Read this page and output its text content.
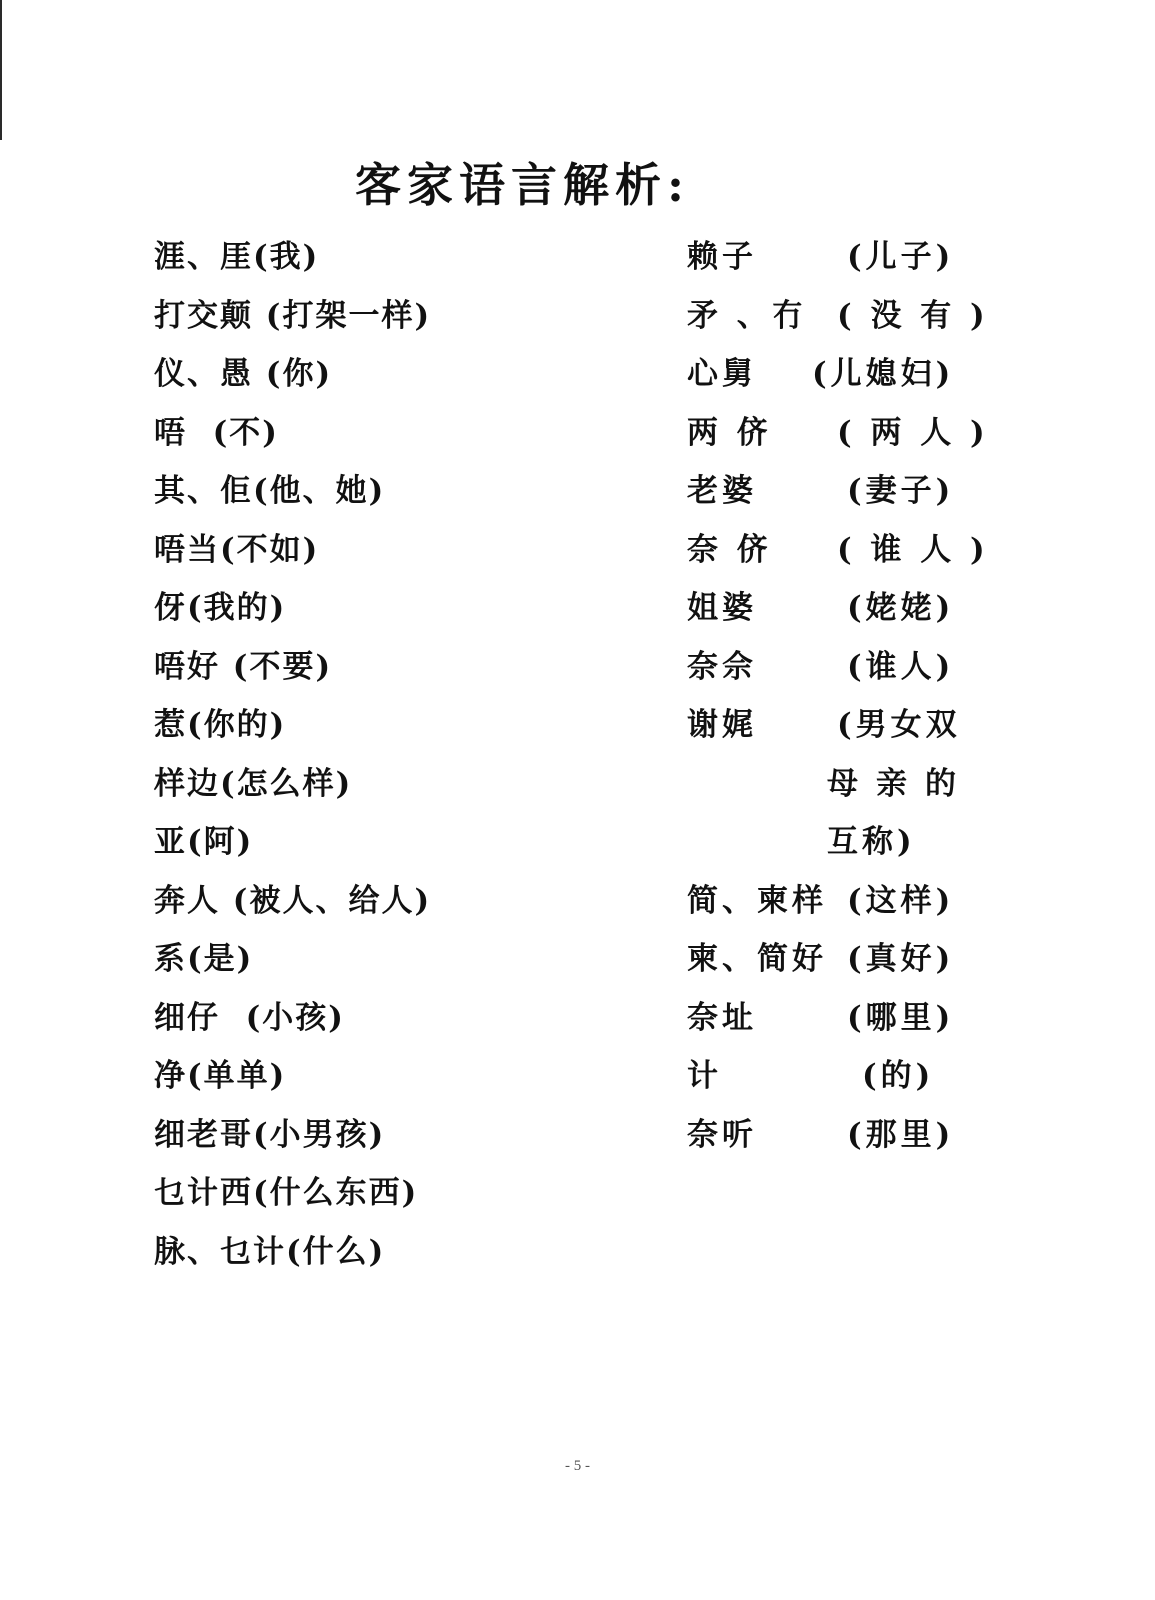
客家语言解析:
涯、厓(我)
打交颠 (打架一样)
仪、愚 (你)
唔  (不)
其、佢(他、她)
唔当(不如)
伢(我的)
唔好 (不要)
惹(你的)
样边(怎么样)
亚(阿)
奔人 (被人、给人)
系(是)
细仔  (小孩)
净(单单)
细老哥(小男孩)
乜计西(什么东西)
脉、乜计(什么)
赖子	(儿子)
矛 、冇 ( 没 有 )
心舅 (儿媳妇)
两 侪 ( 两 人 )
老婆	(妻子)
奈 侪 ( 谁 人 )
姐婆	(姥姥)
奈佘	(谁人)
谢娓	(男女双
母亲的
互称)
简、柬样 (这样)
柬、简好 (真好)
奈址	(哪里)
计	(的)
奈听	(那里)
- 5 -
